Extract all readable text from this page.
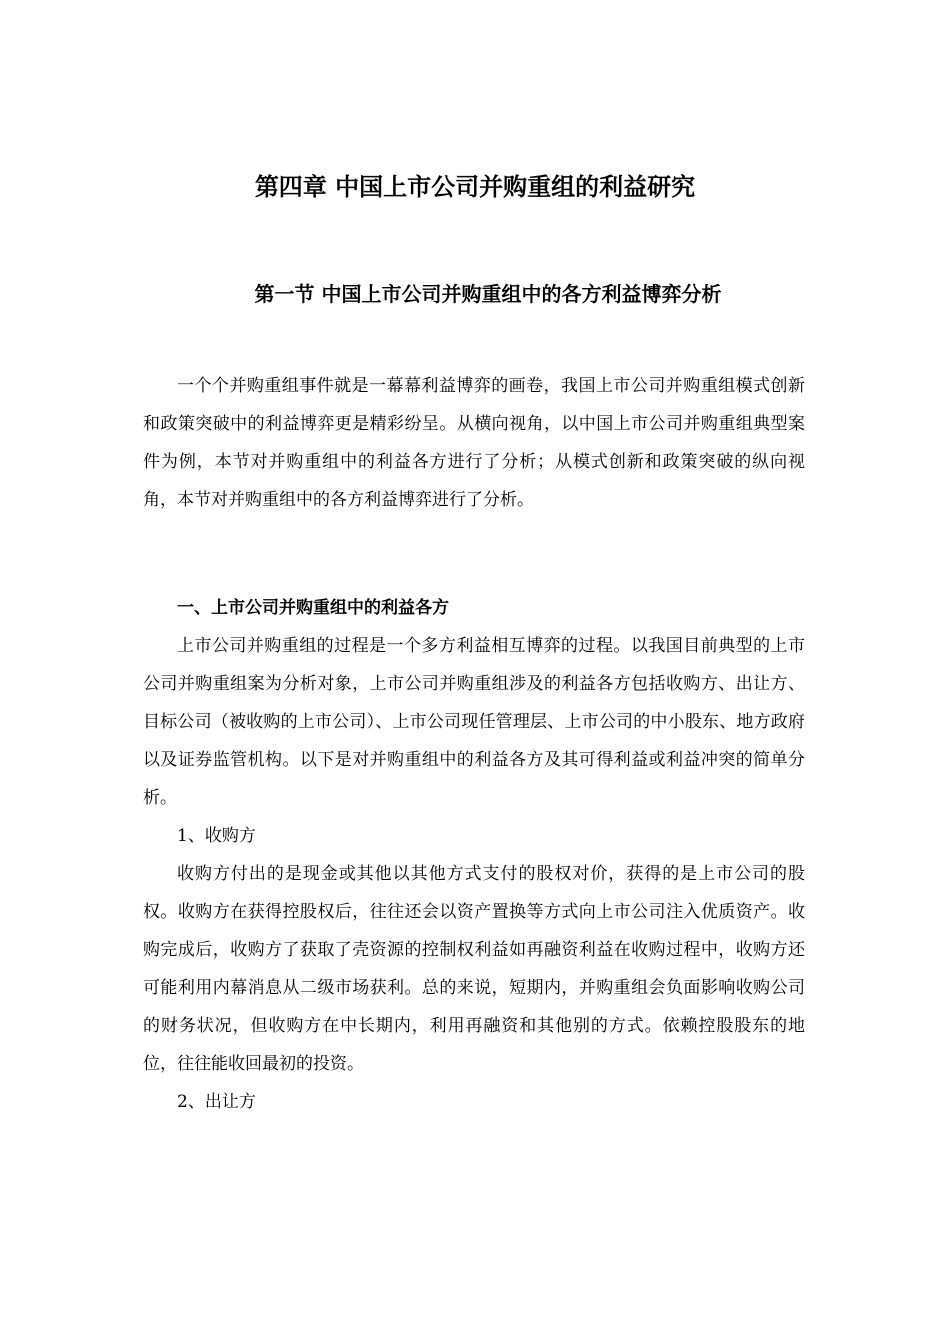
第四章 中国上市公司并购重组的利益研究
第一节 中国上市公司并购重组中的各方利益博弈分析

一个个并购重组事件就是一幕幕利益博弈的画卷，我国上市公司并购重组模式创新和政策突破中的利益博弈更是精彩纷呈。从横向视角，以中国上市公司并购重组典型案件为例，本节对并购重组中的利益各方进行了分析；从模式创新和政策突破的纵向视角，本节对并购重组中的各方利益博弈进行了分析。

一、上市公司并购重组中的利益各方

上市公司并购重组的过程是一个多方利益相互博弈的过程。以我国目前典型的上市公司并购重组案为分析对象，上市公司并购重组涉及的利益各方包括收购方、出让方、目标公司（被收购的上市公司）、上市公司现任管理层、上市公司的中小股东、地方政府以及证券监管机构。以下是对并购重组中的利益各方及其可得利益或利益冲突的简单分析。

1、收购方

收购方付出的是现金或其他以其他方式支付的股权对价，获得的是上市公司的股权。收购方在获得控股权后，往往还会以资产置换等方式向上市公司注入优质资产。收购完成后，收购方了获取了壳资源的控制权利益如再融资利益在收购过程中，收购方还可能利用内幕消息从二级市场获利。总的来说，短期内，并购重组会负面影响收购公司的财务状况，但收购方在中长期内，利用再融资和其他别的方式。依赖控股股东的地位，往往能收回最初的投资。

2、出让方
